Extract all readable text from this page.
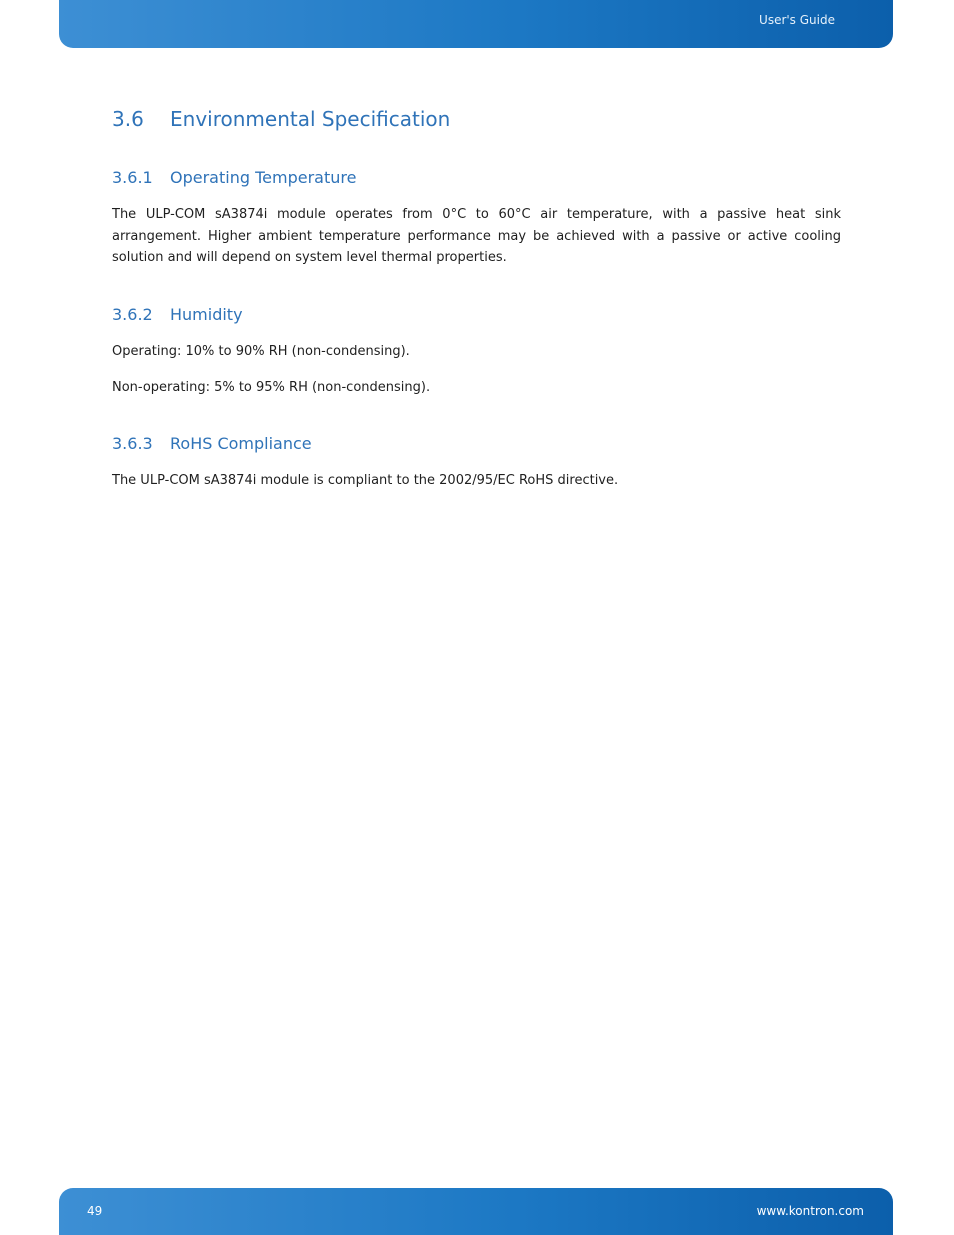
User's Guide
3.6 Environmental Specification
3.6.1 Operating Temperature

The ULP-COM sA3874i module operates from 0°C to 60°C air temperature, with a passive heat sink arrangement. Higher ambient temperature performance may be achieved with a passive or active cooling solution and will depend on system level thermal properties.

3.6.2 Humidity

Operating: 10% to 90% RH (non-condensing).

Non-operating: 5% to 95% RH (non-condensing).

3.6.3 RoHS Compliance

The ULP-COM sA3874i module is compliant to the 2002/95/EC RoHS directive.

49	www.kontron.com
